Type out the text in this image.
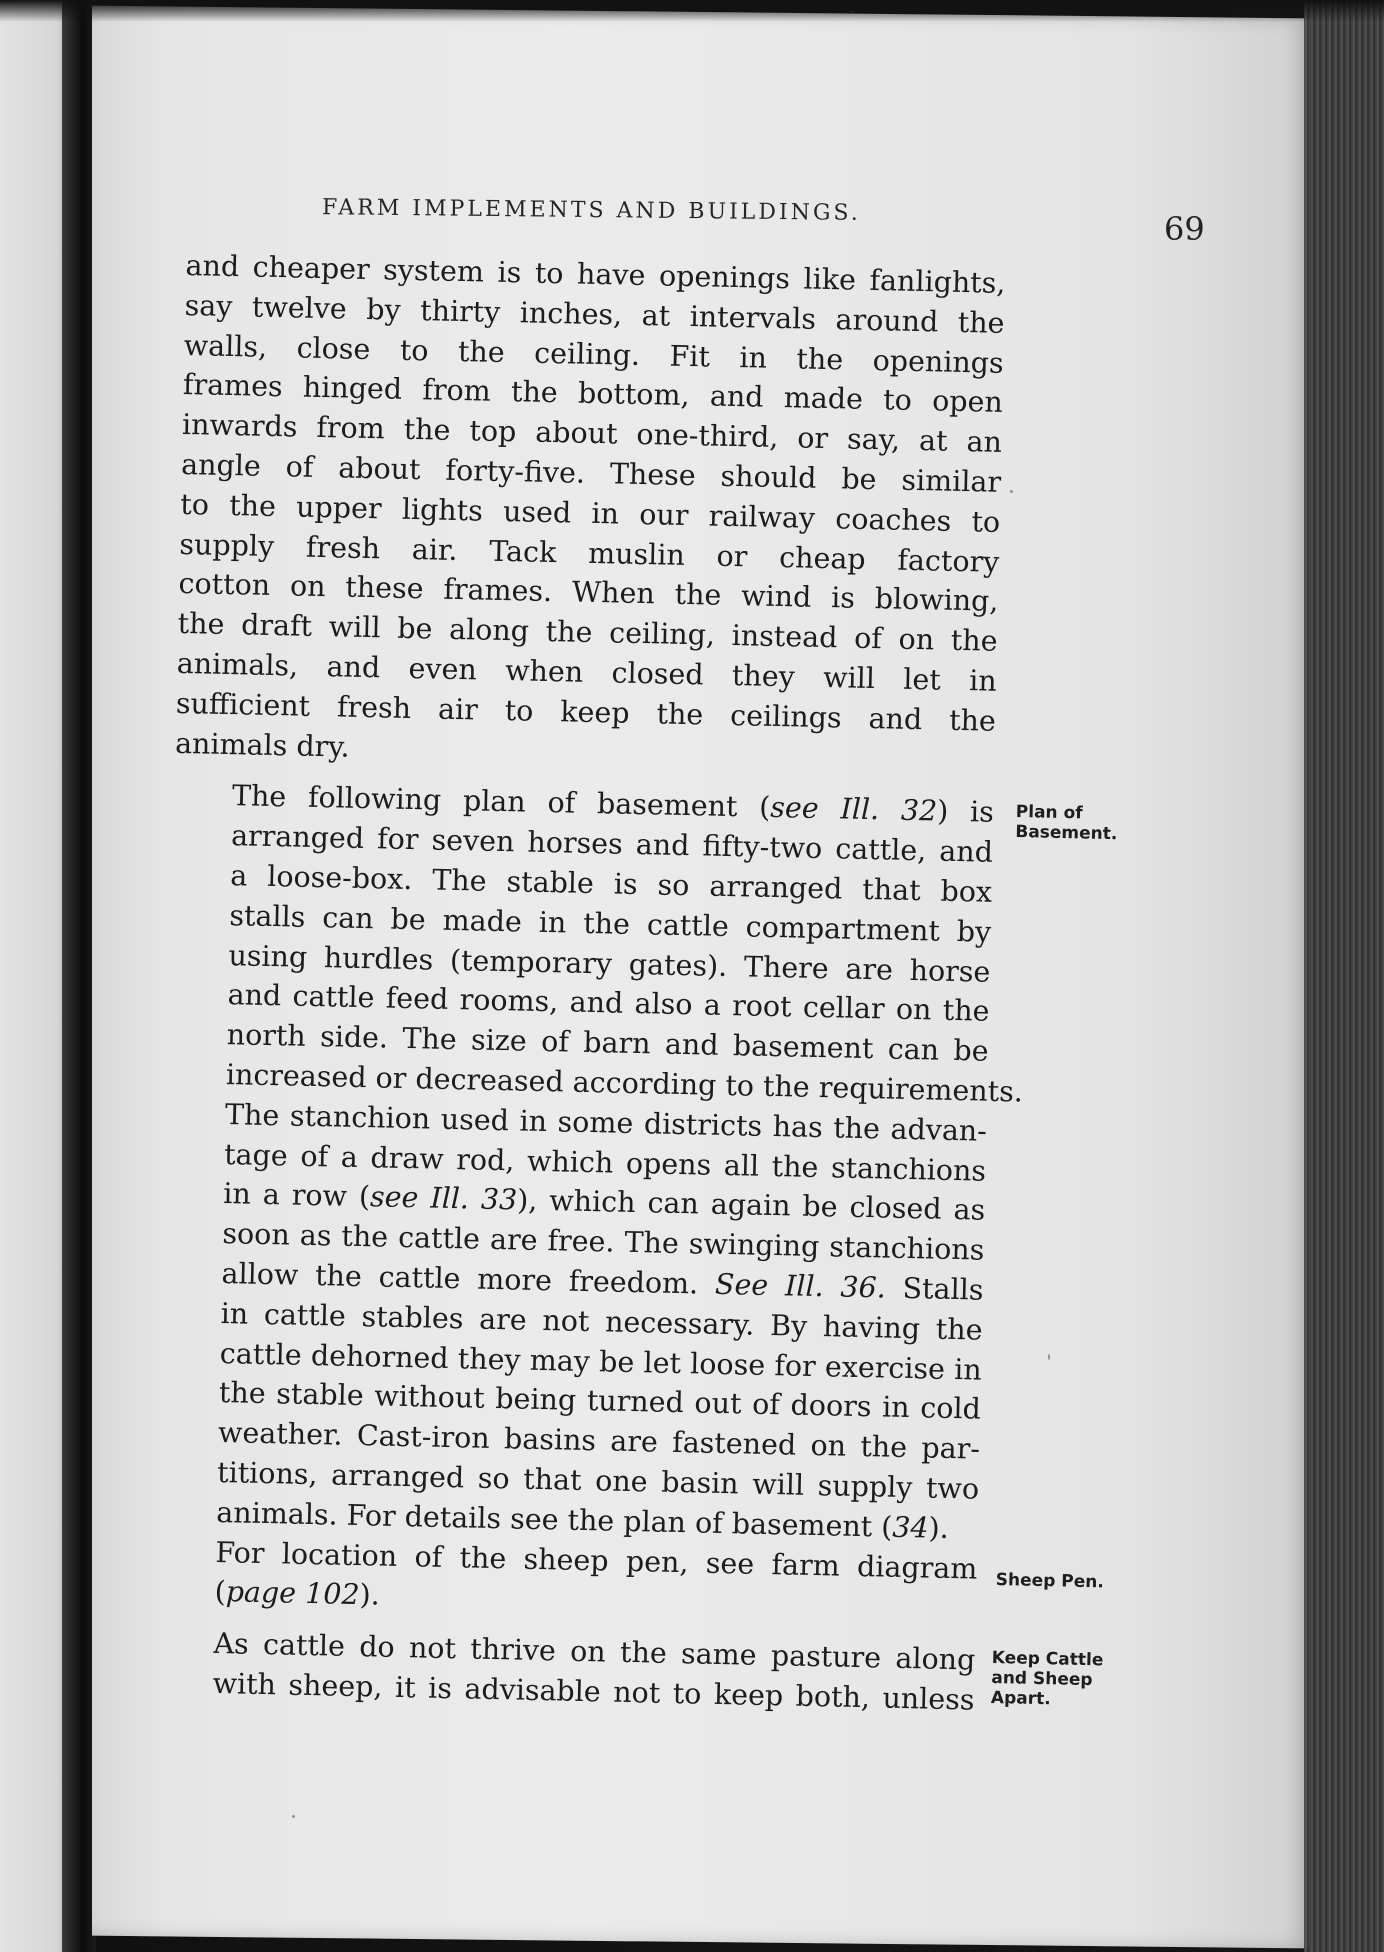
FARM IMPLEMENTS AND BUILDINGS.	69

and cheaper system is to have openings like fanlights,
say twelve by thirty inches, at intervals around the
walls, close to the ceiling. Fit in the openings
frames hinged from the bottom, and made to open
inwards from the top about one-third, or say, at an
angle of about forty-five. These should be similar
to the upper lights used in our railway coaches to
supply fresh air. Tack muslin or cheap factory
cotton on these frames. When the wind is blowing,
the draft will be along the ceiling, instead of on the
animals, and even when closed they will let in
sufficient fresh air to keep the ceilings and the
animals dry.

The following plan of basement (see Ill. 32) is
arranged for seven horses and fifty-two cattle, and
a loose-box. The stable is so arranged that box
stalls can be made in the cattle compartment by
using hurdles (temporary gates). There are horse
and cattle feed rooms, and also a root cellar on the
north side. The size of barn and basement can be
increased or decreased according to the requirements.
The stanchion used in some districts has the advan-
tage of a draw rod, which opens all the stanchions
in a row (see Ill. 33), which can again be closed as
soon as the cattle are free. The swinging stanchions
allow the cattle more freedom. See Ill. 36. Stalls
in cattle stables are not necessary. By having the
cattle dehorned they may be let loose for exercise in
the stable without being turned out of doors in cold
weather. Cast-iron basins are fastened on the par-
titions, arranged so that one basin will supply two
animals. For details see the plan of basement (34).

For location of the sheep pen, see farm diagram
(page 102).

As cattle do not thrive on the same pasture along
with sheep, it is advisable not to keep both, unless

Plan of
Basement.
Sheep Pen.
Keep Cattle
and Sheep
Apart.
